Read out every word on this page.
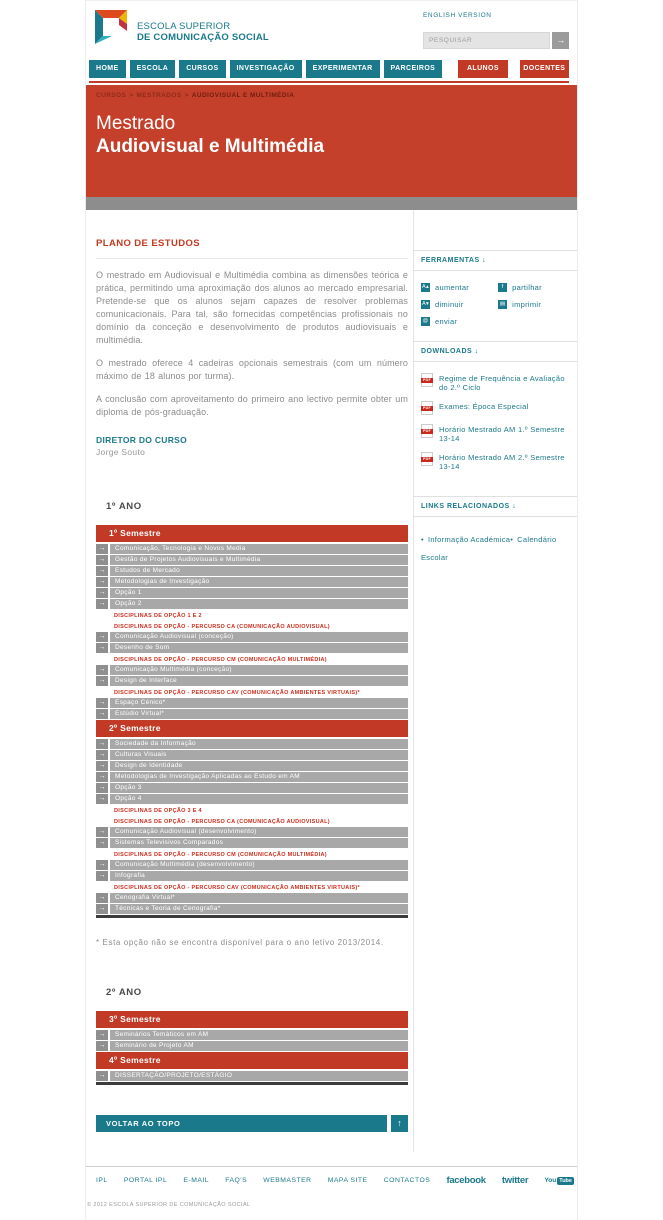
ESCOLA SUPERIOR
DE COMUNICAÇÃO SOCIAL
ENGLISH VERSION
PESQUISAR
→
HOME	ESCOLA	CURSOS	INVESTIGAÇÃO	EXPERIMENTAR	PARCEIROS	ALUNOS	DOCENTES
CURSOS > MESTRADOS > AUDIOVISUAL E MULTIMÉDIA
Mestrado
Audiovisual e Multimédia
PLANO DE ESTUDOS

O mestrado em Audiovisual e Multimédia combina as dimensões teórica e prática, permitindo uma aproximação dos alunos ao mercado empresarial. Pretende-se que os alunos sejam capazes de resolver problemas comunicacionais. Para tal, são fornecidas competências profissionais no domínio da conceção e desenvolvimento de produtos audiovisuais e multimédia.

O mestrado oferece 4 cadeiras opcionais semestrais (com um número máximo de 18 alunos por turma).

A conclusão com aproveitamento do primeiro ano lectivo permite obter um diploma de pós-graduação.

DIRETOR DO CURSO
Jorge Souto
1º ANO
1º Semestre
→	Comunicação, Tecnologia e Novos Media
→	Gestão de Projetos Audiovisuais e Multimédia
→	Estudos de Mercado
→	Metodologias de Investigação
→	Opção 1
→	Opção 2
DISCIPLINAS DE OPÇÃO 1 E 2
DISCIPLINAS DE OPÇÃO - PERCURSO CA (COMUNICAÇÃO AUDIOVISUAL)
→	Comunicação Audiovisual (conceção)
→	Desenho de Som
DISCIPLINAS DE OPÇÃO - PERCURSO CM (COMUNICAÇÃO MULTIMÉDIA)
→	Comunicação Multimédia (conceção)
→	Design de Interface
DISCIPLINAS DE OPÇÃO - PERCURSO CAV (COMUNICAÇÃO AMBIENTES VIRTUAIS)*
→	Espaço Cénico*
→	Estúdio Virtual*
2º Semestre
→	Sociedade da Informação
→	Culturas Visuais
→	Design de Identidade
→	Metodologias de Investigação Aplicadas ao Estudo em AM
→	Opção 3
→	Opção 4
DISCIPLINAS DE OPÇÃO 3 E 4
DISCIPLINAS DE OPÇÃO - PERCURSO CA (COMUNICAÇÃO AUDIOVISUAL)
→	Comunicação Audiovisual (desenvolvimento)
→	Sistemas Televisivos Comparados
DISCIPLINAS DE OPÇÃO - PERCURSO CM (COMUNICAÇÃO MULTIMÉDIA)
→	Comunicação Multimédia (desenvolvimento)
→	Infografia
DISCIPLINAS DE OPÇÃO - PERCURSO CAV (COMUNICAÇÃO AMBIENTES VIRTUAIS)*
→	Cenografia Virtual*
→	Técnicas e Teoria de Cenografia*

* Esta opção não se encontra disponível para o ano letivo 2013/2014.

2º ANO
3º Semestre
→	Seminários Temáticos em AM
→	Seminário de Projeto AM
4º Semestre
→	DISSERTAÇÃO/PROJETO/ESTÁGIO
VOLTAR AO TOPO	↑
FERRAMENTAS ↓
A▴ aumentar
A▾ diminuir
@ enviar
f	partilhar
▤ imprimir
DOWNLOADS ↓
PDF
Regime de Frequência e Avaliação do 2.º Ciclo
PDF
Exames: Época Especial
PDF
Horário Mestrado AM 1.º Semestre 13-14
PDF
Horário Mestrado AM 2.º Semestre 13-14
LINKS RELACIONADOS ↓
• Informação Académica• Calendário Escolar
IPL PORTAL IPL E-MAIL FAQ'S WEBMASTER MAPA SITE CONTACTOS facebook twitter You Tube
© 2012 ESCOLA SUPERIOR DE COMUNICAÇÃO SOCIAL
